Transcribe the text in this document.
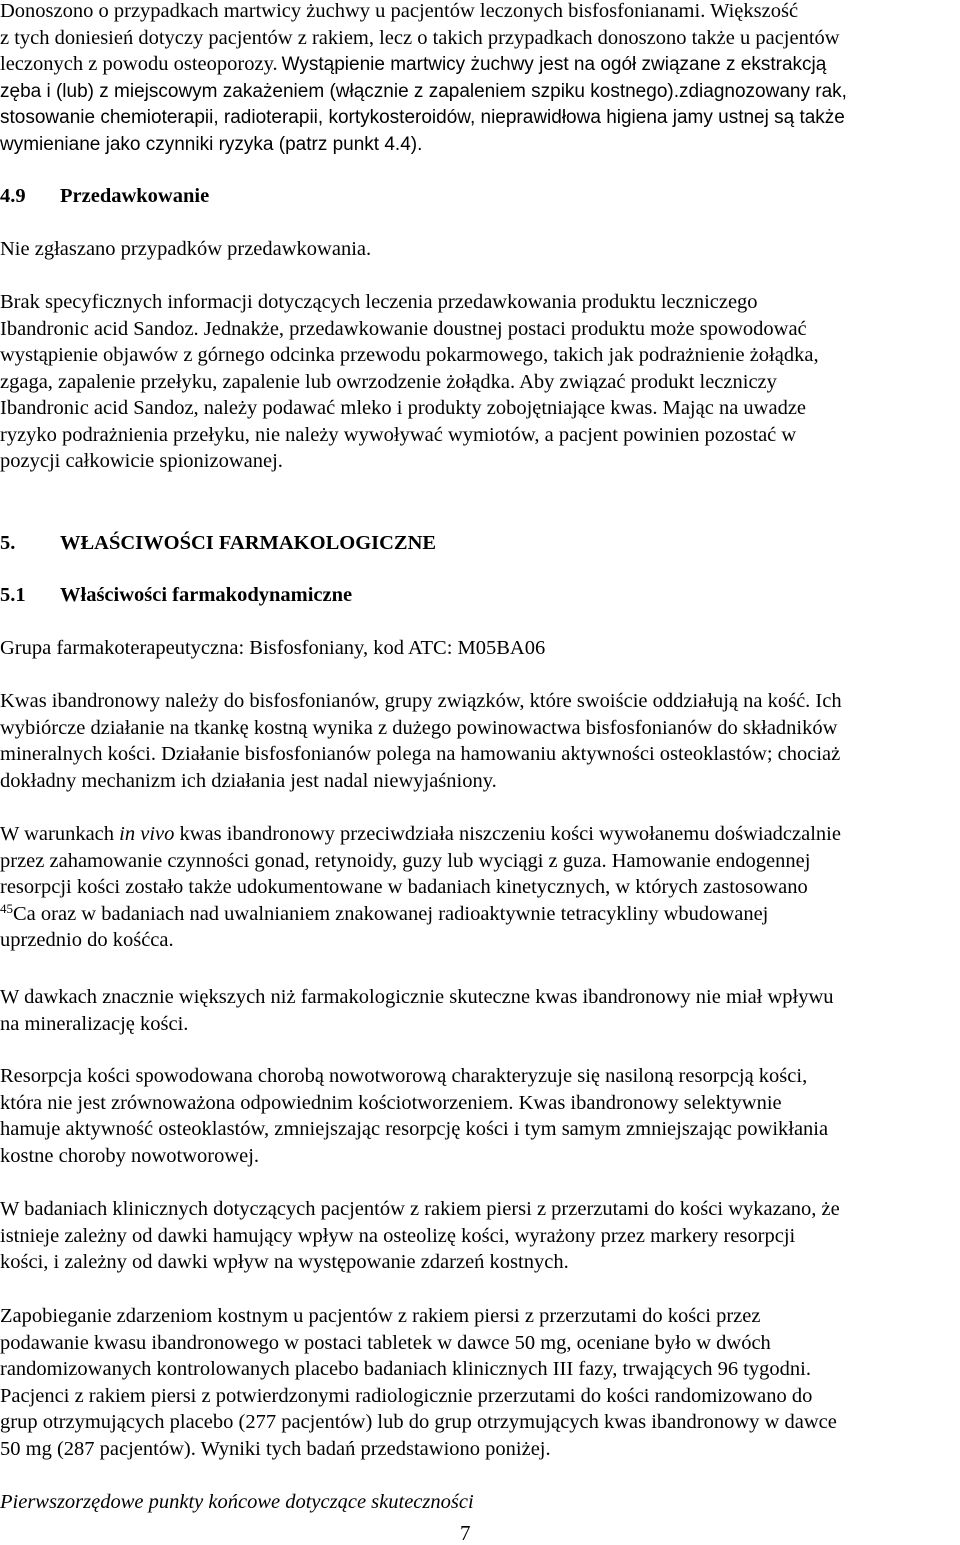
Donoszono o przypadkach martwicy żuchwy u pacjentów leczonych bisfosfonianami. Większość
z tych doniesień dotyczy pacjentów z rakiem, lecz o takich przypadkach donoszono także u pacjentów
leczonych z powodu osteoporozy. Wystąpienie martwicy żuchwy jest na ogół związane z ekstrakcją
zęba i (lub) z miejscowym zakażeniem (włącznie z zapaleniem szpiku kostnego).zdiagnozowany rak,
stosowanie chemioterapii, radioterapii, kortykosteroidów, nieprawidłowa higiena jamy ustnej są także
wymieniane jako czynniki ryzyka (patrz punkt 4.4).
4.9 Przedawkowanie
Nie zgłaszano przypadków przedawkowania.
Brak specyficznych informacji dotyczących leczenia przedawkowania produktu leczniczego
Ibandronic acid Sandoz. Jednakże, przedawkowanie doustnej postaci produktu może spowodować
wystąpienie objawów z górnego odcinka przewodu pokarmowego, takich jak podrażnienie żołądka,
zgaga, zapalenie przełyku, zapalenie lub owrzodzenie żołądka. Aby związać produkt leczniczy
Ibandronic acid Sandoz, należy podawać mleko i produkty zobojętniające kwas. Mając na uwadze
ryzyko podrażnienia przełyku, nie należy wywoływać wymiotów, a pacjent powinien pozostać w
pozycji całkowicie spionizowanej.
5. WŁAŚCIWOŚCI FARMAKOLOGICZNE
5.1 Właściwości farmakodynamiczne
Grupa farmakoterapeutyczna: Bisfosfoniany, kod ATC: M05BA06
Kwas ibandronowy należy do bisfosfonianów, grupy związków, które swoiście oddziałują na kość. Ich
wybiórcze działanie na tkankę kostną wynika z dużego powinowactwa bisfosfonianów do składników
mineralnych kości. Działanie bisfosfonianów polega na hamowaniu aktywności osteoklastów; chociaż
dokładny mechanizm ich działania jest nadal niewyjaśniony.
W warunkach in vivo kwas ibandronowy przeciwdziała niszczeniu kości wywołanemu doświadczalnie
przez zahamowanie czynności gonad, retynoidy, guzy lub wyciągi z guza. Hamowanie endogennej
resorpcji kości zostało także udokumentowane w badaniach kinetycznych, w których zastosowano
$^{45}$Ca oraz w badaniach nad uwalnianiem znakowanej radioaktywnie tetracykliny wbudowanej
uprzednio do kośćca.
W dawkach znacznie większych niż farmakologicznie skuteczne kwas ibandronowy nie miał wpływu
na mineralizację kości.
Resorpcja kości spowodowana chorobą nowotworową charakteryzuje się nasiloną resorpcją kości,
która nie jest zrównoważona odpowiednim kościotworzeniem. Kwas ibandronowy selektywnie
hamuje aktywność osteoklastów, zmniejszając resorpcję kości i tym samym zmniejszając powikłania
kostne choroby nowotworowej.
W badaniach klinicznych dotyczących pacjentów z rakiem piersi z przerzutami do kości wykazano, że
istnieje zależny od dawki hamujący wpływ na osteolizę kości, wyrażony przez markery resorpcji
kości, i zależny od dawki wpływ na występowanie zdarzeń kostnych.
Zapobieganie zdarzeniom kostnym u pacjentów z rakiem piersi z przerzutami do kości przez
podawanie kwasu ibandronowego w postaci tabletek w dawce 50 mg, oceniane było w dwóch
randomizowanych kontrolowanych placebo badaniach klinicznych III fazy, trwających 96 tygodni.
Pacjenci z rakiem piersi z potwierdzonymi radiologicznie przerzutami do kości randomizowano do
grup otrzymujących placebo (277 pacjentów) lub do grup otrzymujących kwas ibandronowy w dawce
50 mg (287 pacjentów). Wyniki tych badań przedstawiono poniżej.
Pierwszorzędowe punkty końcowe dotyczące skuteczności
7
